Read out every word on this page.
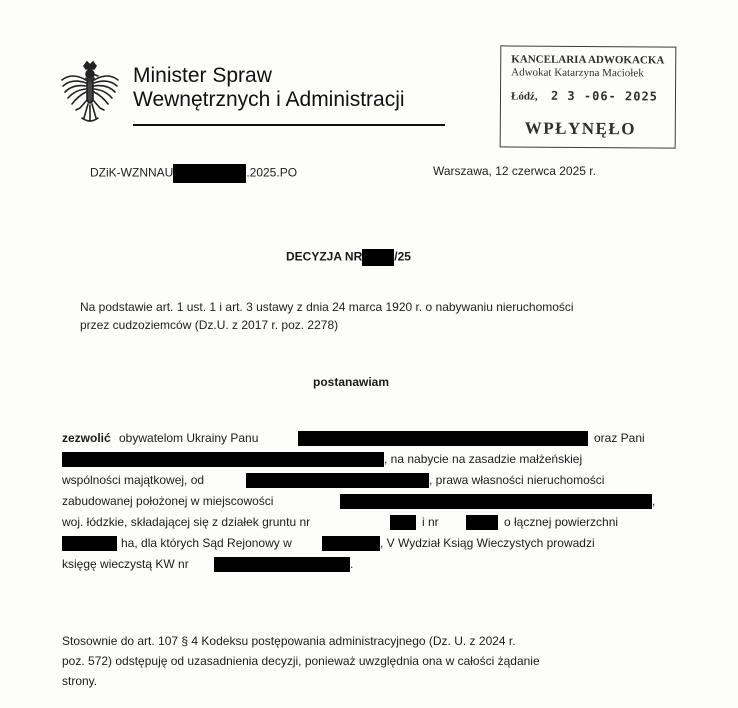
Minister Spraw
Wewnętrznych i Administracji
KANCELARIA ADWOKACKA
Adwokat Katarzyna Maciołek
Łódź, 2 3 -06- 2025
WPŁYNĘŁO
DZiK-WZNNAU	.2025.PO	Warszawa, 12 czerwca 2025 r.
DECYZJA NR	/25
Na podstawie art. 1 ust. 1 i art. 3 ustawy z dnia 24 marca 1920 r. o nabywaniu nieruchomości
przez cudzoziemców (Dz.U. z 2017 r. poz. 2278)
postanawiam
zezwolić obywatelom Ukrainy Panu	oraz Pani
, na nabycie na zasadzie małżeńskiej
wspólności majątkowej, od	, prawa własności nieruchomości
zabudowanej położonej w miejscowości	,
woj. łódzkie, składającej się z działek gruntu nr	i nr	o łącznej powierzchni
ha, dla których Sąd Rejonowy w	, V Wydział Ksiąg Wieczystych prowadzi
księgę wieczystą KW nr	.
Stosownie do art. 107 § 4 Kodeksu postępowania administracyjnego (Dz. U. z 2024 r.
poz. 572) odstępuję od uzasadnienia decyzji, ponieważ uwzględnia ona w całości żądanie
strony.
